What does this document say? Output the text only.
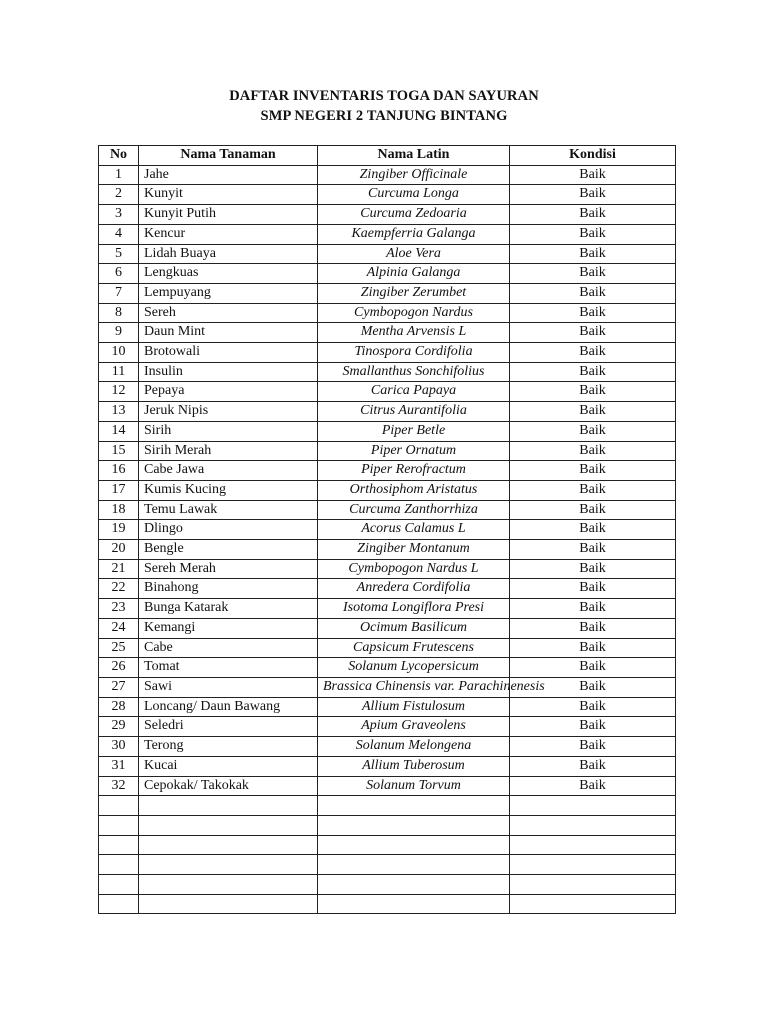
DAFTAR INVENTARIS TOGA DAN SAYURAN
SMP NEGERI 2 TANJUNG BINTANG
No	Nama Tanaman	Nama Latin	Kondisi
1	Jahe	Zingiber Officinale	Baik
2	Kunyit	Curcuma Longa	Baik
3	Kunyit Putih	Curcuma Zedoaria	Baik
4	Kencur	Kaempferria Galanga	Baik
5	Lidah Buaya	Aloe Vera	Baik
6	Lengkuas	Alpinia Galanga	Baik
7	Lempuyang	Zingiber Zerumbet	Baik
8	Sereh	Cymbopogon Nardus	Baik
9	Daun Mint	Mentha Arvensis L	Baik
10	Brotowali	Tinospora Cordifolia	Baik
11	Insulin	Smallanthus Sonchifolius	Baik
12	Pepaya	Carica Papaya	Baik
13	Jeruk Nipis	Citrus Aurantifolia	Baik
14	Sirih	Piper Betle	Baik
15	Sirih Merah	Piper Ornatum	Baik
16	Cabe Jawa	Piper Rerofractum	Baik
17	Kumis Kucing	Orthosiphom Aristatus	Baik
18	Temu Lawak	Curcuma Zanthorrhiza	Baik
19	Dlingo	Acorus Calamus L	Baik
20	Bengle	Zingiber Montanum	Baik
21	Sereh Merah	Cymbopogon Nardus L	Baik
22	Binahong	Anredera Cordifolia	Baik
23	Bunga Katarak	Isotoma Longiflora Presi	Baik
24	Kemangi	Ocimum Basilicum	Baik
25	Cabe	Capsicum Frutescens	Baik
26	Tomat	Solanum Lycopersicum	Baik
27	Sawi	Brassica Chinensis var. Parachinenesis	Baik
28	Loncang/ Daun Bawang	Allium Fistulosum	Baik
29	Seledri	Apium Graveolens	Baik
30	Terong	Solanum Melongena	Baik
31	Kucai	Allium Tuberosum	Baik
32	Cepokak/ Takokak	Solanum Torvum	Baik
